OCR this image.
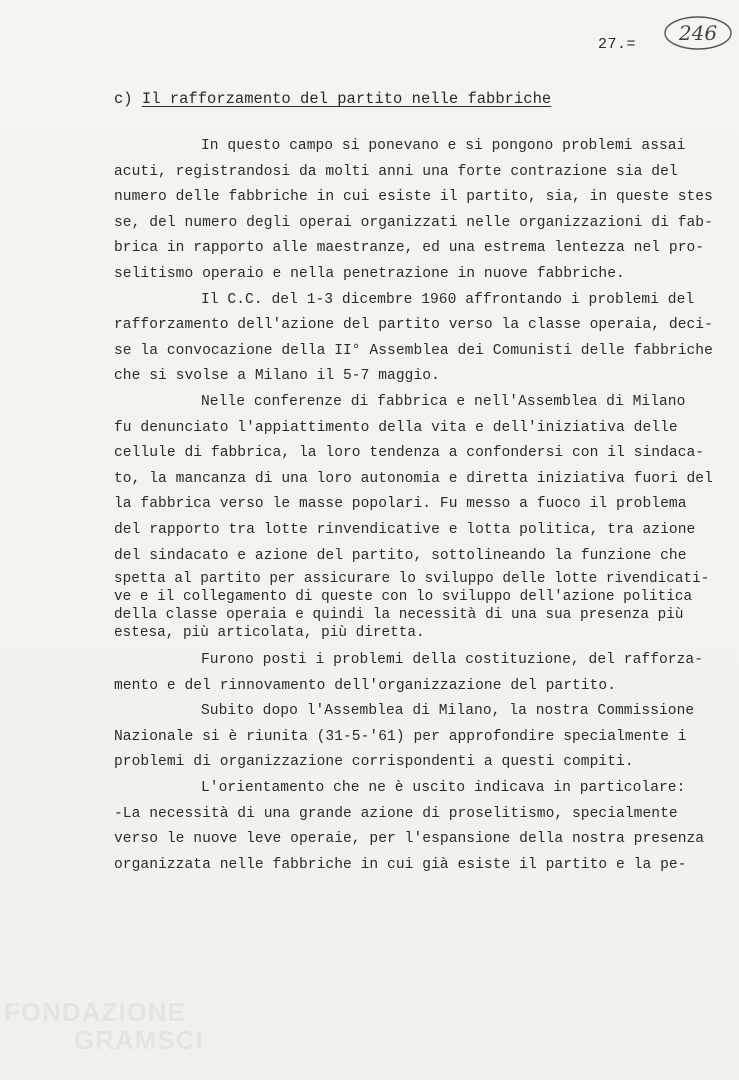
27.= 246
c) Il rafforzamento del partito nelle fabbriche
In questo campo si ponevano e si pongono problemi assai
acuti, registrandosi da molti anni una forte contrazione sia del
numero delle fabbriche in cui esiste il partito, sia, in queste stes
se, del numero degli operai organizzati nelle organizzazioni di fab-
brica in rapporto alle maestranze, ed una estrema lentezza nel pro-
selitismo operaio e nella penetrazione in nuove fabbriche.
Il C.C. del 1-3 dicembre 1960 affrontando i problemi del
rafforzamento dell'azione del partito verso la classe operaia, deci-
se la convocazione della II° Assemblea dei Comunisti delle fabbriche
che si svolse a Milano il 5-7 maggio.
Nelle conferenze di fabbrica e nell'Assemblea di Milano
fu denunciato l'appiattimento della vita e dell'iniziativa delle
cellule di fabbrica, la loro tendenza a confondersi con il sindaca-
to, la mancanza di una loro autonomia e diretta iniziativa fuori del
la fabbrica verso le masse popolari. Fu messo a fuoco il problema
del rapporto tra lotte rinvendicative e lotta politica, tra azione
del sindacato e azione del partito, sottolineando la funzione che
spetta al partito per assicurare lo sviluppo delle lotte rivendicati-
ve e il collegamento di queste con lo sviluppo dell'azione politica
della classe operaia e quindi la necessità di una sua presenza più
estesa, più articolata, più diretta.
Furono posti i problemi della costituzione, del rafforza-
mento e del rinnovamento dell'organizzazione del partito.
Subito dopo l'Assemblea di Milano, la nostra Commissione
Nazionale si è riunita (31-5-'61) per approfondire specialmente i
problemi di organizzazione corrispondenti a questi compiti.
L'orientamento che ne è uscito indicava in particolare:
-La necessità di una grande azione di proselitismo, specialmente
verso le nuove leve operaie, per l'espansione della nostra presenza
organizzata nelle fabbriche in cui già esiste il partito e la pe-
FONDAZIONE
GRAMSCI
